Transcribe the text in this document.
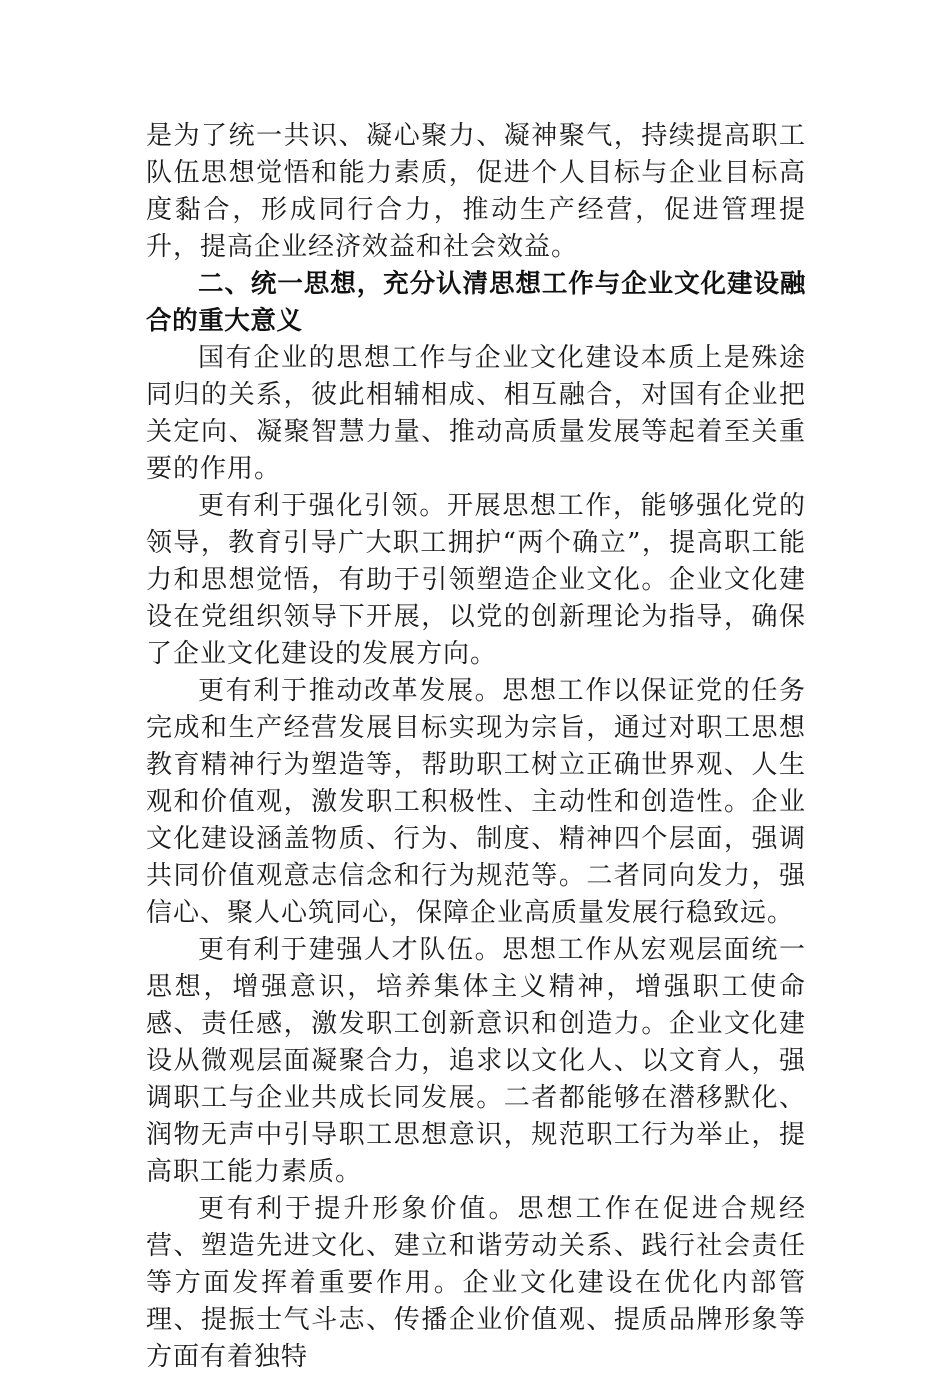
是为了统一共识、凝心聚力、凝神聚气，持续提高职工队伍思想觉悟和能力素质，促进个人目标与企业目标高度黏合，形成同行合力，推动生产经营，促进管理提升，提高企业经济效益和社会效益。

二、统一思想，充分认清思想工作与企业文化建设融合的重大意义

国有企业的思想工作与企业文化建设本质上是殊途同归的关系，彼此相辅相成、相互融合，对国有企业把关定向、凝聚智慧力量、推动高质量发展等起着至关重要的作用。

更有利于强化引领。开展思想工作，能够强化党的领导，教育引导广大职工拥护“两个确立”，提高职工能力和思想觉悟，有助于引领塑造企业文化。企业文化建设在党组织领导下开展，以党的创新理论为指导，确保了企业文化建设的发展方向。

更有利于推动改革发展。思想工作以保证党的任务完成和生产经营发展目标实现为宗旨，通过对职工思想教育精神行为塑造等，帮助职工树立正确世界观、人生观和价值观，激发职工积极性、主动性和创造性。企业文化建设涵盖物质、行为、制度、精神四个层面，强调共同价值观意志信念和行为规范等。二者同向发力，强信心、聚人心筑同心，保障企业高质量发展行稳致远。

更有利于建强人才队伍。思想工作从宏观层面统一思想，增强意识，培养集体主义精神，增强职工使命感、责任感，激发职工创新意识和创造力。企业文化建设从微观层面凝聚合力，追求以文化人、以文育人，强调职工与企业共成长同发展。二者都能够在潜移默化、润物无声中引导职工思想意识，规范职工行为举止，提高职工能力素质。

更有利于提升形象价值。思想工作在促进合规经营、塑造先进文化、建立和谐劳动关系、践行社会责任等方面发挥着重要作用。企业文化建设在优化内部管理、提振士气斗志、传播企业价值观、提质品牌形象等方面有着独特
